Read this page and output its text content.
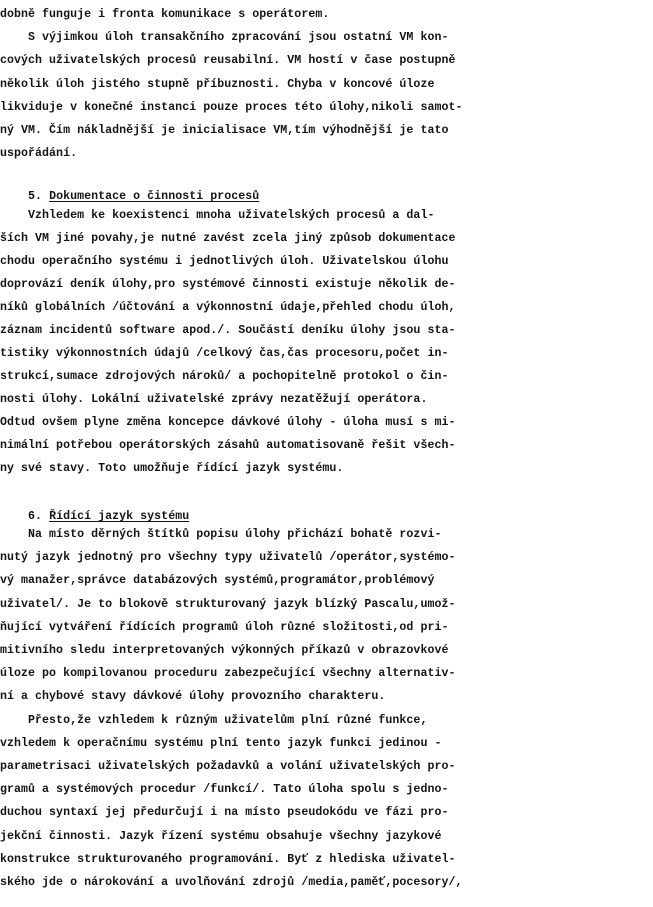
dobně funguje i fronta komunikace s operátorem.
S výjimkou úloh transakčního zpracování jsou ostatní VM kon-
cových uživatelských procesů reusabilní. VM hostí v čase postupně
několik úloh jistého stupně příbuznosti. Chyba v koncové úloze
likviduje v konečné instanci pouze proces této úlohy,nikoli samot-
ný VM. Čím nákladnější je inicialisace VM,tím výhodnější je tato
uspořádání.

5. Dokumentace o činnosti procesů

Vzhledem ke koexistenci mnoha uživatelských procesů a dal-
ších VM jiné povahy,je nutné zavést zcela jiný způsob dokumentace
chodu operačního systému i jednotlivých úloh. Uživatelskou úlohu
doprovází deník úlohy,pro systémové činnosti existuje několik de-
níků globálních /účtování a výkonnostní údaje,přehled chodu úloh,
záznam incidentů software apod./. Součástí deníku úlohy jsou sta-
tistiky výkonnostních údajů /celkový čas,čas procesoru,počet in-
strukcí,sumace zdrojových nároků/ a pochopitelně protokol o čin-
nosti úlohy. Lokální uživatelské zprávy nezatěžují operátora.
Odtud ovšem plyne změna koncepce dávkové úlohy - úloha musí s mi-
nimální potřebou operátorských zásahů automatisovaně řešit všech-
ny své stavy. Toto umožňuje řídící jazyk systému.

6. Řídící jazyk systému

Na místo děrných štítků popisu úlohy přichází bohatě rozvi-
nutý jazyk jednotný pro všechny typy uživatelů /operátor,systémo-
vý manažer,správce databázových systémů,programátor,problémový
uživatel/. Je to blokově strukturovaný jazyk blízký Pascalu,umož-
ňující vytváření řídících programů úloh různé složitosti,od pri-
mitivního sledu interpretovaných výkonných příkazů v obrazovkové
úloze po kompilovanou proceduru zabezpečující všechny alternativ-
ní a chybové stavy dávkové úlohy provozního charakteru.
Přesto,že vzhledem k různým uživatelům plní různé funkce,
vzhledem k operačnímu systému plní tento jazyk funkci jedinou -
parametrisaci uživatelských požadavků a volání uživatelských pro-
gramů a systémových procedur /funkcí/. Tato úloha spolu s jedno-
duchou syntaxí jej předurčují i na místo pseudokódu ve fázi pro-
jekční činnosti. Jazyk řízení systému obsahuje všechny jazykové
konstrukce strukturovaného programování. Byť z hlediska uživatel-
ského jde o nárokování a uvolňování zdrojů /media,paměť,pocesory/,
